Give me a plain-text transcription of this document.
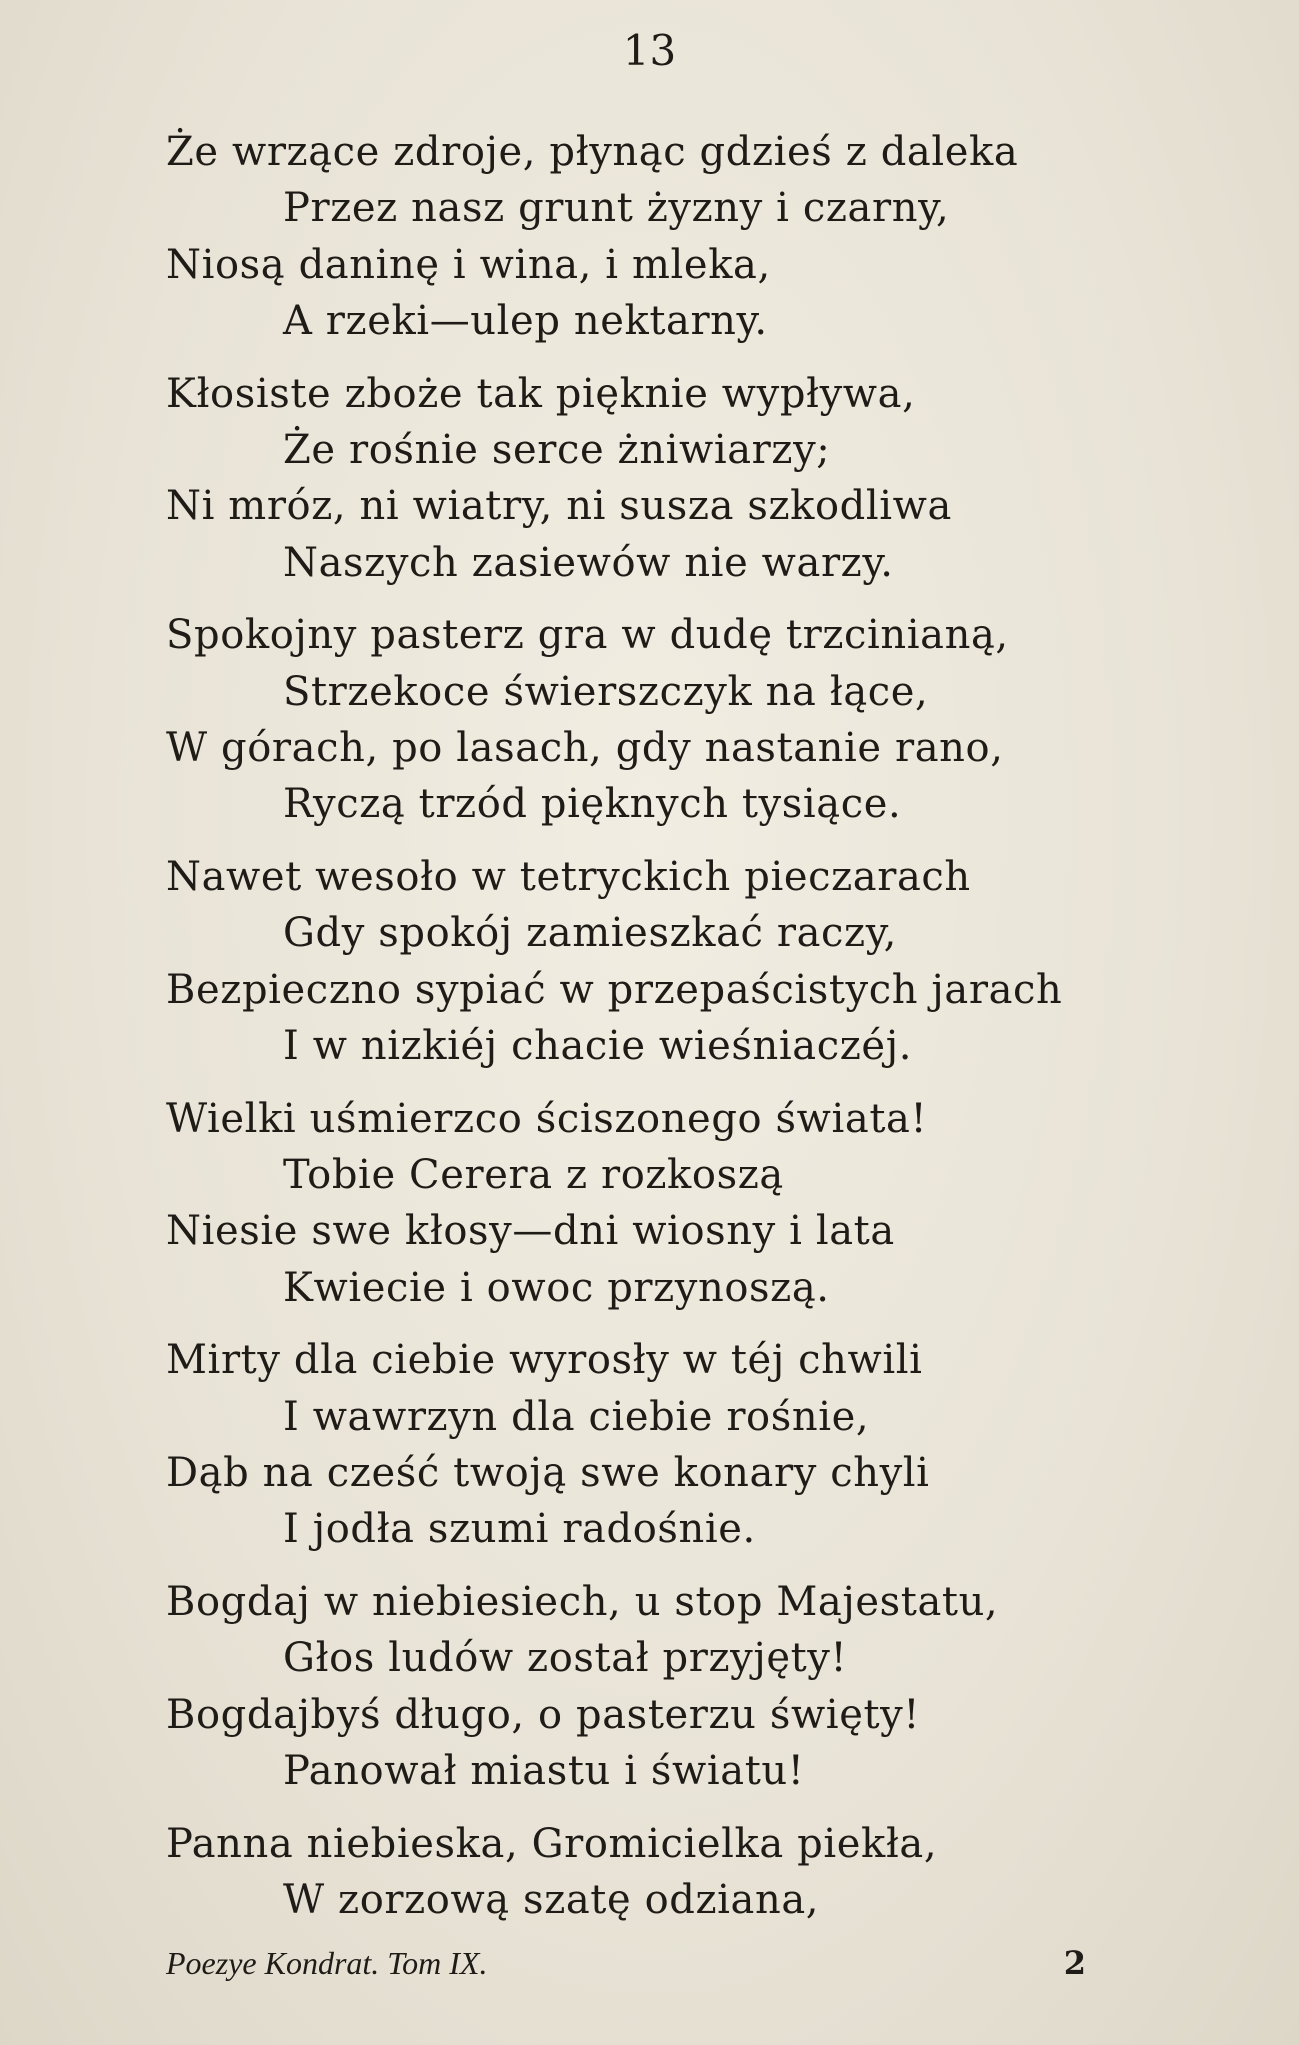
13
Że wrzące zdroje, płynąc gdzieś z daleka
Przez nasz grunt żyzny i czarny,
Niosą daninę i wina, i mleka,
A rzeki—ulep nektarny.
Kłosiste zboże tak pięknie wypływa,
Że rośnie serce żniwiarzy;
Ni mróz, ni wiatry, ni susza szkodliwa
Naszych zasiewów nie warzy.
Spokojny pasterz gra w dudę trzcinianą,
Strzekoce świerszczyk na łące,
W górach, po lasach, gdy nastanie rano,
Ryczą trzód pięknych tysiące.
Nawet wesoło w tetryckich pieczarach
Gdy spokój zamieszkać raczy,
Bezpieczno sypiać w przepaścistych jarach
I w nizkiéj chacie wieśniaczéj.
Wielki uśmierzco ściszonego świata!
Tobie Cerera z rozkoszą
Niesie swe kłosy—dni wiosny i lata
Kwiecie i owoc przynoszą.
Mirty dla ciebie wyrosły w téj chwili
I wawrzyn dla ciebie rośnie,
Dąb na cześć twoją swe konary chyli
I jodła szumi radośnie.
Bogdaj w niebiesiech, u stop Majestatu,
Głos ludów został przyjęty!
Bogdajbyś długo, o pasterzu święty!
Panował miastu i światu!
Panna niebieska, Gromicielka piekła,
W zorzową szatę odziana,
Poezye Kondrat. Tom IX.	2
